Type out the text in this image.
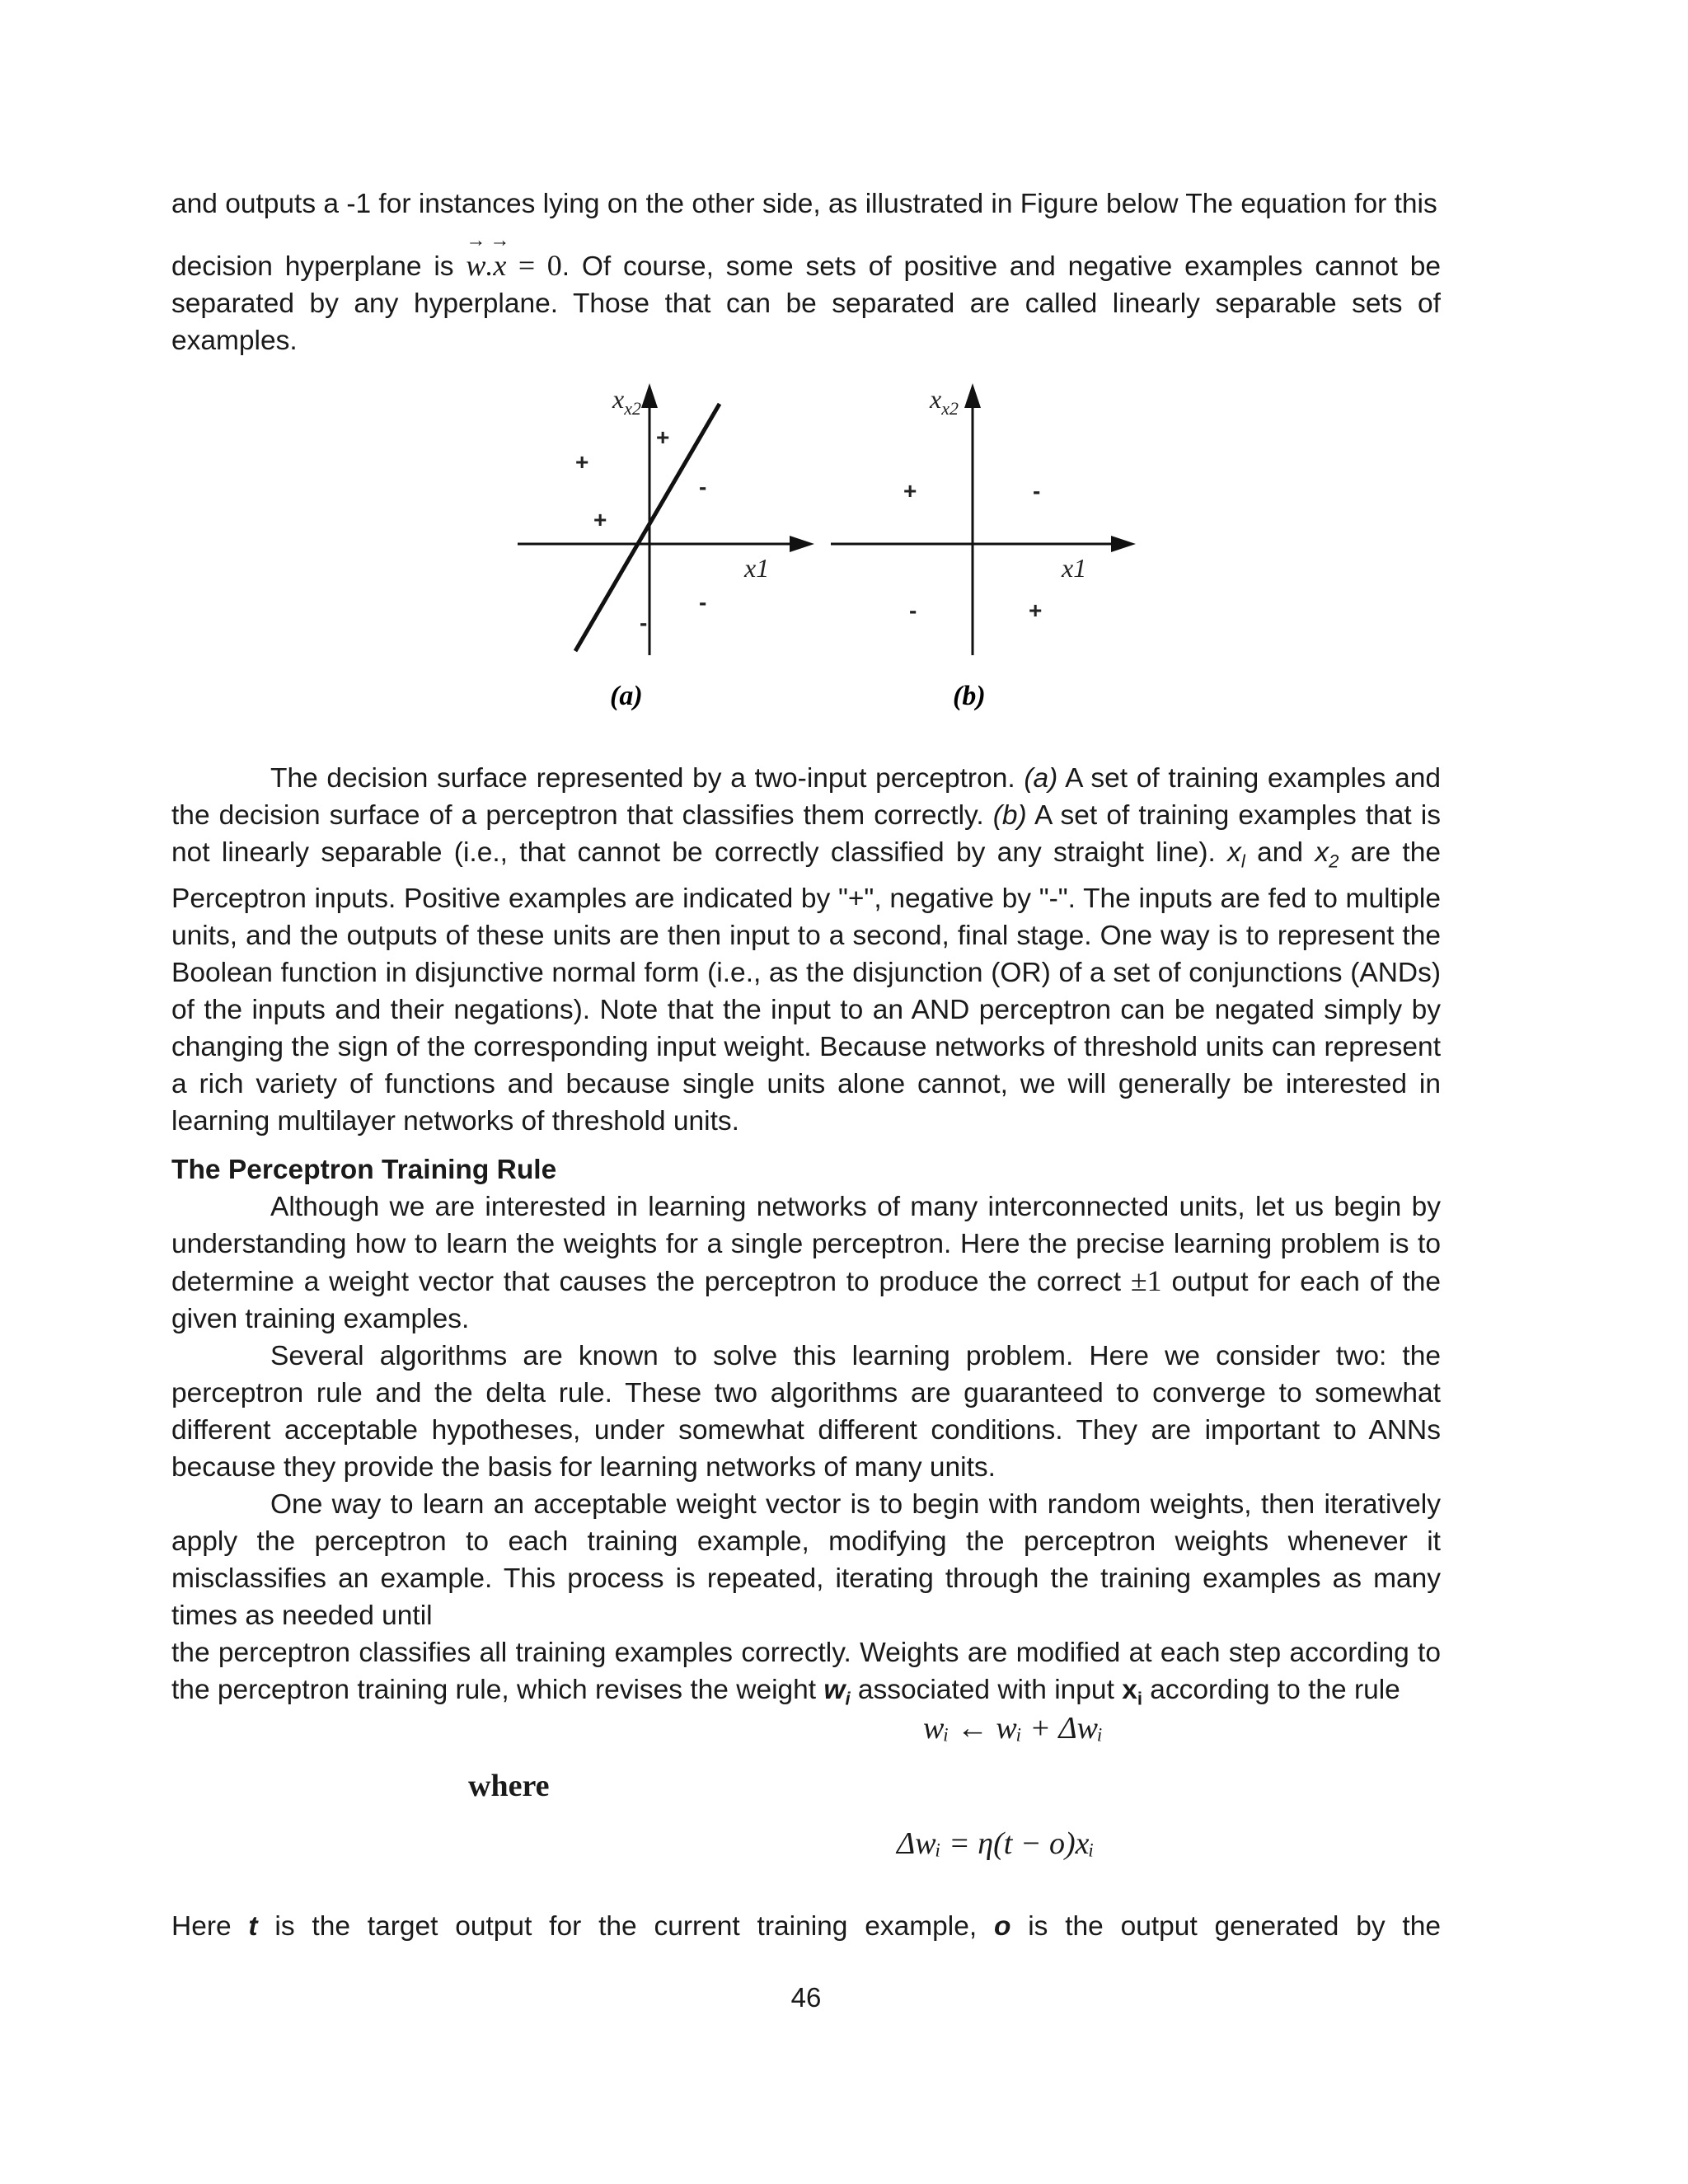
and outputs a -1 for instances lying on the other side, as illustrated in Figure below The equation for this

decision hyperplane is → w.→ x = 0. Of course, some sets of positive and negative examples cannot be separated by any hyperplane. Those that can be separated are called linearly separable sets of examples.

$x_{x2}$
x1
+
+
+
-
-
-
$x_{x2}$
x1
+
+
-
-
(a)	(b)

The decision surface represented by a two-input perceptron. (a) A set of training examples and the decision surface of a perceptron that classifies them correctly. (b) A set of training examples that is not linearly separable (i.e., that cannot be correctly classified by any straight line). $x_l$ and $x_2$ are the Perceptron inputs. Positive examples are indicated by "+", negative by "-". The inputs are fed to multiple units, and the outputs of these units are then input to a second, final stage. One way is to represent the Boolean function in disjunctive normal form (i.e., as the disjunction (OR) of a set of conjunctions (ANDs) of the inputs and their negations). Note that the input to an AND perceptron can be negated simply by changing the sign of the corresponding input weight. Because networks of threshold units can represent a rich variety of functions and because single units alone cannot, we will generally be interested in learning multilayer networks of threshold units.

The Perceptron Training Rule

Although we are interested in learning networks of many interconnected units, let us begin by understanding how to learn the weights for a single perceptron. Here the precise learning problem is to determine a weight vector that causes the perceptron to produce the correct ±1 output for each of the given training examples.

Several algorithms are known to solve this learning problem. Here we consider two: the perceptron rule and the delta rule. These two algorithms are guaranteed to converge to somewhat different acceptable hypotheses, under somewhat different conditions. They are important to ANNs because they provide the basis for learning networks of many units.

One way to learn an acceptable weight vector is to begin with random weights, then iteratively apply the perceptron to each training example, modifying the perceptron weights whenever it misclassifies an example. This process is repeated, iterating through the training examples as many times as needed until

the perceptron classifies all training examples correctly. Weights are modified at each step according to the perceptron training rule, which revises the weight $w_i$ associated with input $x_i$ according to the rule

wᵢ ← wᵢ + Δwᵢ
where
Δwᵢ = η(t − o)xᵢ

Here t is the target output for the current training example, o is the output generated by the

46
